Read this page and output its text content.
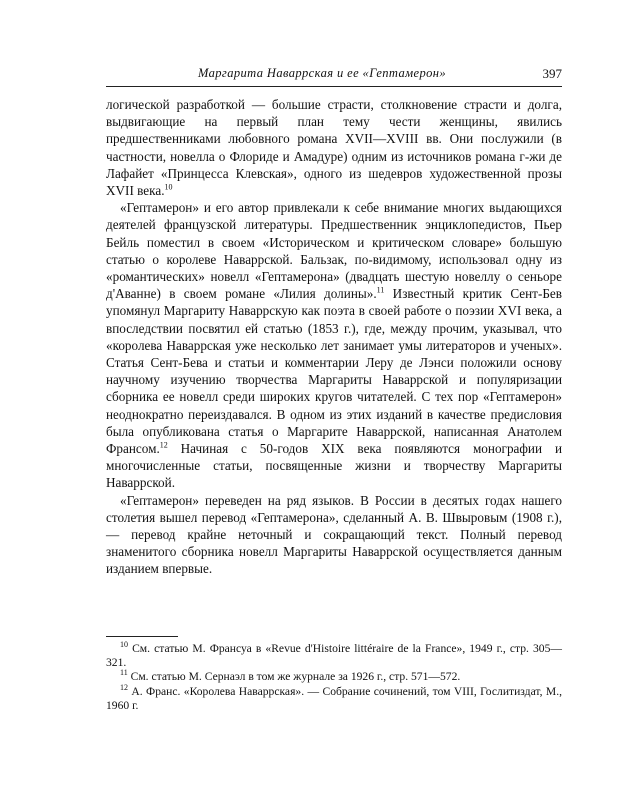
Маргарита Наваррская и ее «Гептамерон»	397

логической разработкой — большие страсти, столкновение страсти и долга, выдвигающие на первый план тему чести женщины, явились предшественниками любовного романа XVII—XVIII вв. Они послужили (в частности, новелла о Флориде и Амадуре) одним из источников романа г-жи де Лафайет «Принцесса Клевская», одного из шедевров художественной прозы XVII века.$^{10}$

«Гептамерон» и его автор привлекали к себе внимание многих выдающихся деятелей французской литературы. Предшественник энциклопедистов, Пьер Бейль поместил в своем «Историческом и критическом словаре» большую статью о королеве Наваррской. Бальзак, по-видимому, использовал одну из «романтических» новелл «Гептамерона» (двадцать шестую новеллу о сеньоре д'Аванне) в своем романе «Лилия долины».$^{11}$ Известный критик Сент-Бев упомянул Маргариту Наваррскую как поэта в своей работе о поэзии XVI века, а впоследствии посвятил ей статью (1853 г.), где, между прочим, указывал, что «королева Наваррская уже несколько лет занимает умы литераторов и ученых». Статья Сент-Бева и статьи и комментарии Леру де Лэнси положили основу научному изучению творчества Маргариты Наваррской и популяризации сборника ее новелл среди широких кругов читателей. С тех пор «Гептамерон» неоднократно переиздавался. В одном из этих изданий в качестве предисловия была опубликована статья о Маргарите Наваррской, написанная Анатолем Франсом.$^{12}$ Начиная с 50-годов XIX века появляются монографии и многочисленные статьи, посвященные жизни и творчеству Маргариты Наваррской.

«Гептамерон» переведен на ряд языков. В России в десятых годах нашего столетия вышел перевод «Гептамерона», сделанный А. В. Швыровым (1908 г.), — перевод крайне неточный и сокращающий текст. Полный перевод знаменитого сборника новелл Маргариты Наваррской осуществляется данным изданием впервые.

$^{10}$ См. статью М. Франсуа в «Revue d'Histoire littéraire de la France», 1949 г., стр. 305—321.

$^{11}$ См. статью М. Сернаэл в том же журнале за 1926 г., стр. 571—572.

$^{12}$ А. Франс. «Королева Наваррская». — Собрание сочинений, том VIII, Гослитиздат, М., 1960 г.
